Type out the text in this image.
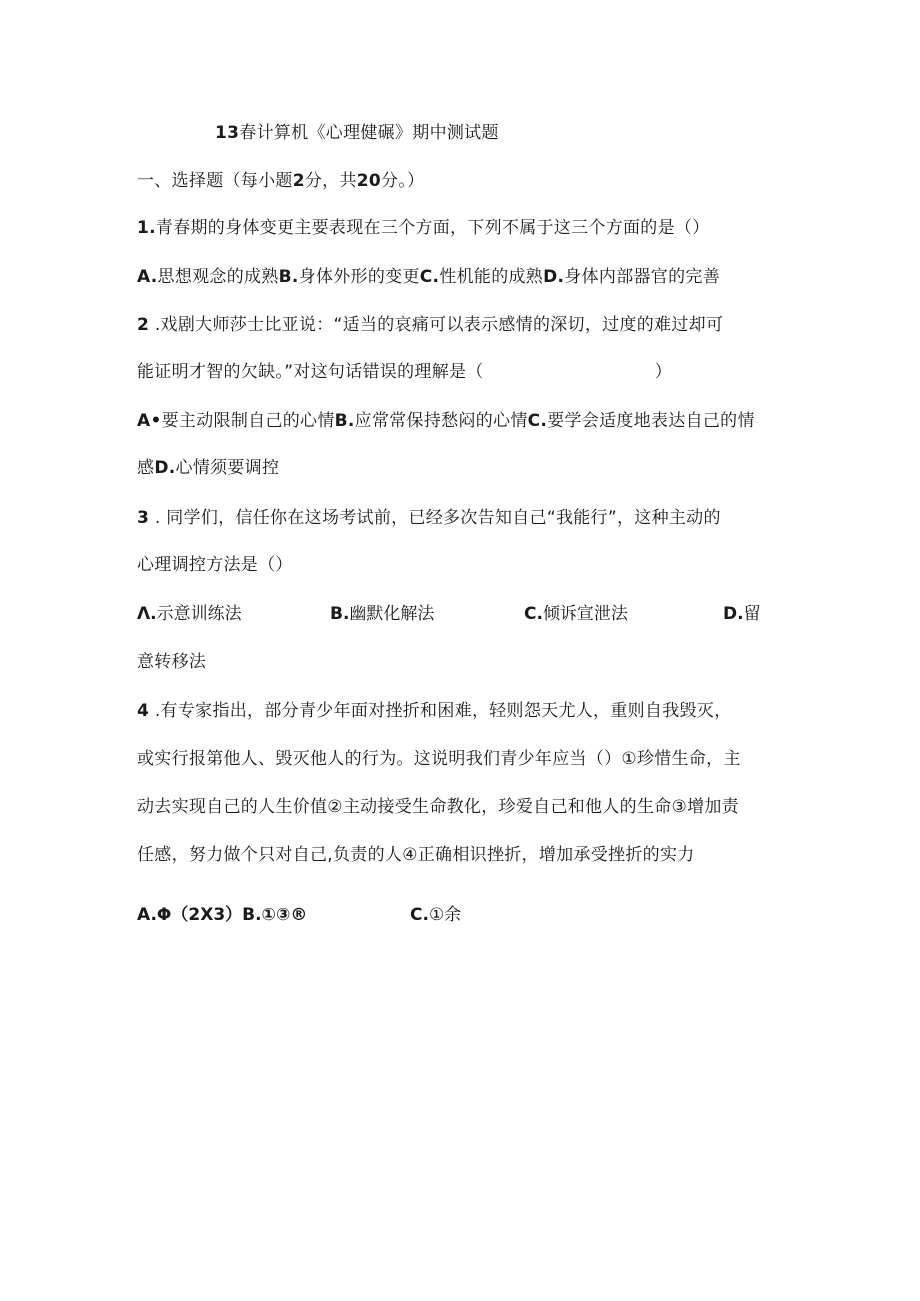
13春计算机《心理健碾》期中测试题
一、选择题（每小题2分，共20分。）
1.青春期的身体变更主要表现在三个方面，下列不属于这三个方面的是（）
A.思想观念的成熟B.身体外形的变更C.性机能的成熟D.身体内部器官的完善
2 .戏剧大师莎士比亚说：“适当的哀痛可以表示感情的深切，过度的难过却可
能证明才智的欠缺。”对这句话错误的理解是（                              ）
A•要主动限制自己的心情B.应常常保持愁闷的心情C.要学会适度地表达自己的情
感D.心情须要调控
3 . 同学们，信任你在这场考试前，已经多次告知自己“我能行”，这种主动的
心理调控方法是（）
Λ.示意训练法	B.幽默化解法	C.倾诉宣泄法	D.留
意转移法
4 .有专家指出，部分青少年面对挫折和困难，轻则怨天尤人，重则自我毁灭，
或实行报第他人、毁灭他人的行为。这说明我们青少年应当（）①珍惜生命，主
动去实现自己的人生价值②主动接受生命教化，珍爱自己和他人的生命③增加责
任感，努力做个只对自己,负责的人④正确相识挫折，增加承受挫折的实力
A.Φ（2X3）B.①③®	C.①余
